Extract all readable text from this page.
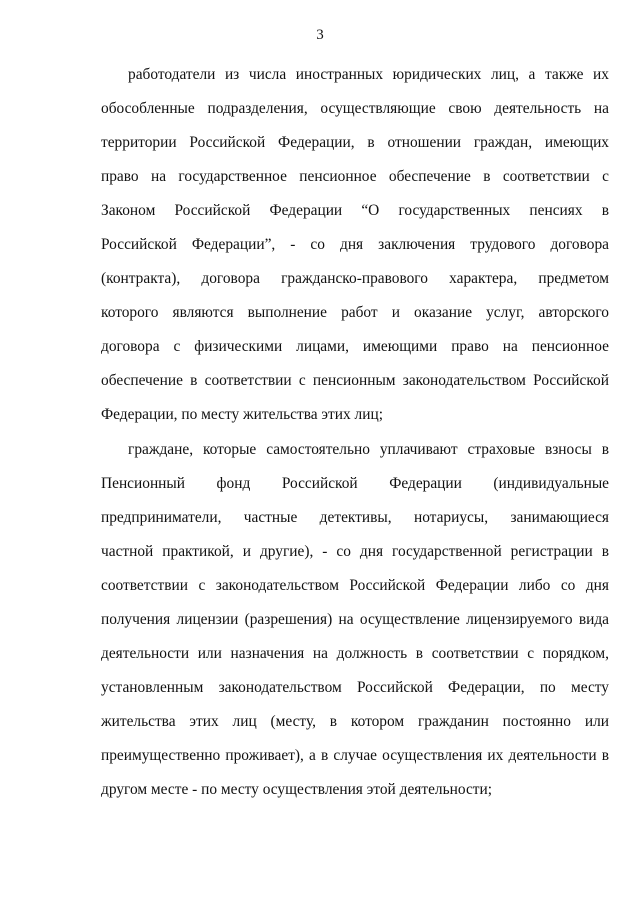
3

работодатели из числа иностранных юридических лиц, а также их
обособленные подразделения, осуществляющие свою деятельность на
территории Российской Федерации, в отношении граждан, имеющих
право на государственное пенсионное обеспечение в соответствии с
Законом Российской Федерации “О государственных пенсиях в
Российской Федерации”, - со дня заключения трудового договора
(контракта), договора гражданско-правового характера, предметом
которого являются выполнение работ и оказание услуг, авторского
договора с физическими лицами, имеющими право на пенсионное
обеспечение в соответствии с пенсионным законодательством Российской
Федерации, по месту жительства этих лиц;

граждане, которые самостоятельно уплачивают страховые взносы в
Пенсионный фонд Российской Федерации (индивидуальные
предприниматели, частные детективы, нотариусы, занимающиеся
частной практикой, и другие), - со дня государственной регистрации в
соответствии с законодательством Российской Федерации либо со дня
получения лицензии (разрешения) на осуществление лицензируемого вида
деятельности или назначения на должность в соответствии с порядком,
установленным законодательством Российской Федерации, по месту
жительства этих лиц (месту, в котором гражданин постоянно или
преимущественно проживает), а в случае осуществления их деятельности в
другом месте - по месту осуществления этой деятельности;
